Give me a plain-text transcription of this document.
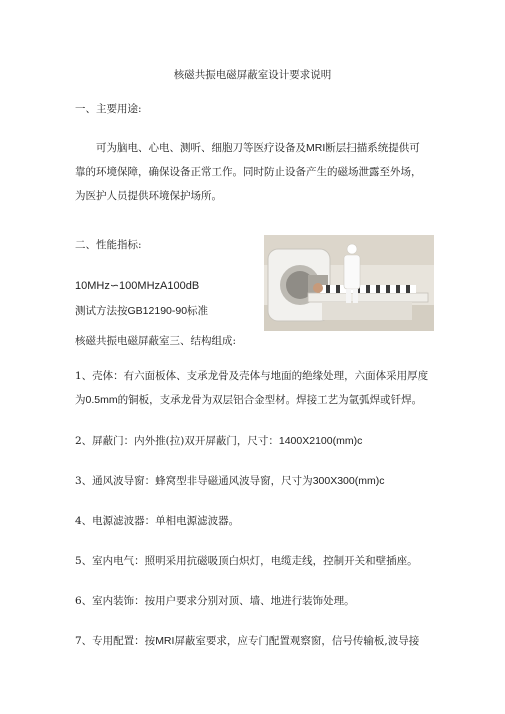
核磁共振电磁屏蔽室设计要求说明
一、主要用途:
可为脑电、心电、测听、细胞刀等医疗设备及MRI断层扫描系统提供可
靠的环境保障，确保设备正常工作。同时防止设备产生的磁场泄露至外场，
为医护人员提供环境保护场所。
二、性能指标:
10MHz∽100MHzA100dB
测试方法按GB12190-90标准
核磁共振电磁屏蔽室三、结构组成:
1、壳体：有六面板体、支承龙骨及壳体与地面的绝缘处理，六面体采用厚度
为0.5mm的铜板，支承龙骨为双层铝合金型材。焊接工艺为氩弧焊或钎焊。
2、屏蔽门：内外推(拉)双开屏蔽门，尺寸：1400X2100(mm)c
3、通风波导窗：蜂窝型非导磁通风波导窗，尺寸为300X300(mm)c
4、电源滤波器：单相电源滤波器。
5、室内电气：照明采用抗磁吸顶白炽灯，电缆走线，控制开关和壁插座。
6、室内装饰：按用户要求分别对顶、墙、地进行装饰处理。
7、专用配置：按MRI屏蔽室要求，应专门配置观察窗，信号传输板,波导接
